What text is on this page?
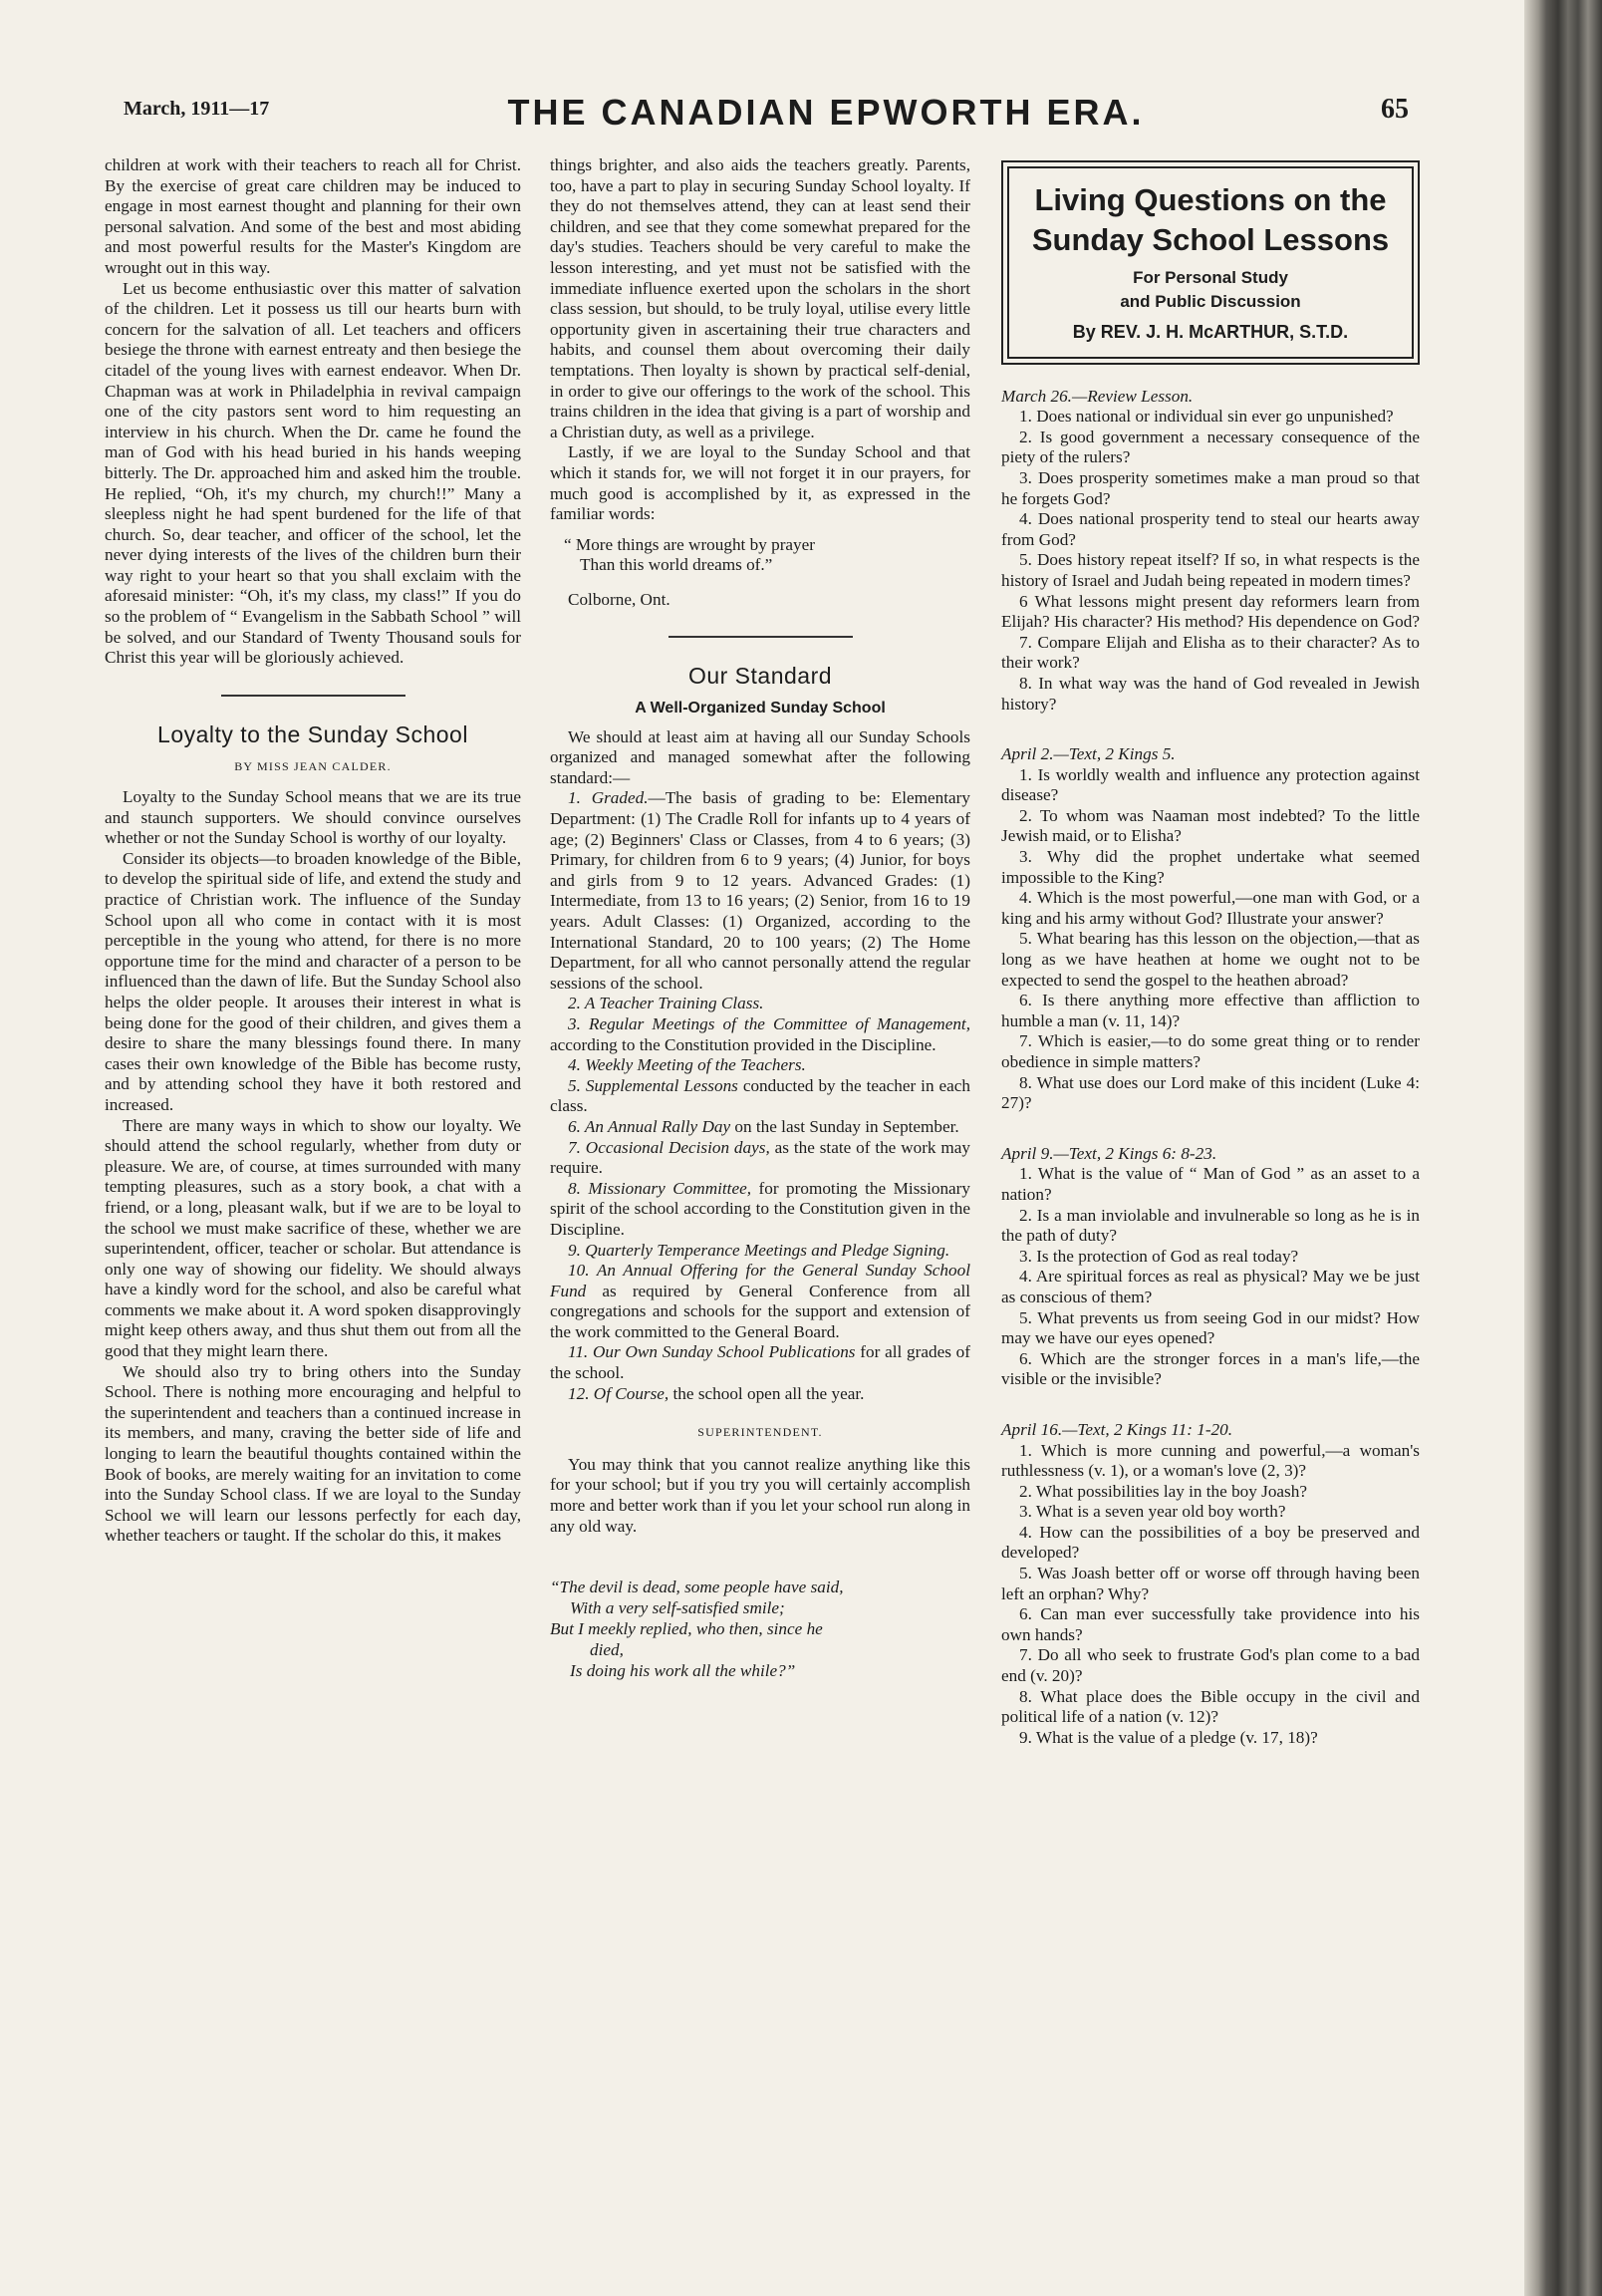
March, 1911—17	THE CANADIAN EPWORTH ERA.	65

children at work with their teachers to reach all for Christ. By the exercise of great care children may be induced to engage in most earnest thought and planning for their own personal salvation. And some of the best and most abiding and most powerful results for the Master's Kingdom are wrought out in this way.

Let us become enthusiastic over this matter of salvation of the children. Let it possess us till our hearts burn with concern for the salvation of all. Let teachers and officers besiege the throne with earnest entreaty and then besiege the citadel of the young lives with earnest endeavor. When Dr. Chapman was at work in Philadelphia in revival campaign one of the city pastors sent word to him requesting an interview in his church. When the Dr. came he found the man of God with his head buried in his hands weeping bitterly. The Dr. approached him and asked him the trouble. He replied, “Oh, it's my church, my church!!” Many a sleepless night he had spent burdened for the life of that church. So, dear teacher, and officer of the school, let the never dying interests of the lives of the children burn their way right to your heart so that you shall exclaim with the aforesaid minister: “Oh, it's my class, my class!” If you do so the problem of “ Evangelism in the Sabbath School ” will be solved, and our Standard of Twenty Thousand souls for Christ this year will be gloriously achieved.

Loyalty to the Sunday School
BY MISS JEAN CALDER.

Loyalty to the Sunday School means that we are its true and staunch supporters. We should convince ourselves whether or not the Sunday School is worthy of our loyalty.

Consider its objects—to broaden knowledge of the Bible, to develop the spiritual side of life, and extend the study and practice of Christian work. The influence of the Sunday School upon all who come in contact with it is most perceptible in the young who attend, for there is no more opportune time for the mind and character of a person to be influenced than the dawn of life. But the Sunday School also helps the older people. It arouses their interest in what is being done for the good of their children, and gives them a desire to share the many blessings found there. In many cases their own knowledge of the Bible has become rusty, and by attending school they have it both restored and increased.

There are many ways in which to show our loyalty. We should attend the school regularly, whether from duty or pleasure. We are, of course, at times surrounded with many tempting pleasures, such as a story book, a chat with a friend, or a long, pleasant walk, but if we are to be loyal to the school we must make sacrifice of these, whether we are superintendent, officer, teacher or scholar. But attendance is only one way of showing our fidelity. We should always have a kindly word for the school, and also be careful what comments we make about it. A word spoken disapprovingly might keep others away, and thus shut them out from all the good that they might learn there.

We should also try to bring others into the Sunday School. There is nothing more encouraging and helpful to the superintendent and teachers than a continued increase in its members, and many, craving the better side of life and longing to learn the beautiful thoughts contained within the Book of books, are merely waiting for an invitation to come into the Sunday School class. If we are loyal to the Sunday School we will learn our lessons perfectly for each day, whether teachers or taught. If the scholar do this, it makes

things brighter, and also aids the teachers greatly. Parents, too, have a part to play in securing Sunday School loyalty. If they do not themselves attend, they can at least send their children, and see that they come somewhat prepared for the day's studies. Teachers should be very careful to make the lesson interesting, and yet must not be satisfied with the immediate influence exerted upon the scholars in the short class session, but should, to be truly loyal, utilise every little opportunity given in ascertaining their true characters and habits, and counsel them about overcoming their daily temptations. Then loyalty is shown by practical self-denial, in order to give our offerings to the work of the school. This trains children in the idea that giving is a part of worship and a Christian duty, as well as a privilege.

Lastly, if we are loyal to the Sunday School and that which it stands for, we will not forget it in our prayers, for much good is accomplished by it, as expressed in the familiar words:

“ More things are wrought by prayer
Than this world dreams of.”

Colborne, Ont.

Our Standard
A Well-Organized Sunday School

We should at least aim at having all our Sunday Schools organized and managed somewhat after the following standard:—

1. Graded.—The basis of grading to be: Elementary Department: (1) The Cradle Roll for infants up to 4 years of age; (2) Beginners' Class or Classes, from 4 to 6 years; (3) Primary, for children from 6 to 9 years; (4) Junior, for boys and girls from 9 to 12 years. Advanced Grades: (1) Intermediate, from 13 to 16 years; (2) Senior, from 16 to 19 years. Adult Classes: (1) Organized, according to the International Standard, 20 to 100 years; (2) The Home Department, for all who cannot personally attend the regular sessions of the school.

2. A Teacher Training Class.

3. Regular Meetings of the Committee of Management, according to the Constitution provided in the Discipline.

4. Weekly Meeting of the Teachers.

5. Supplemental Lessons conducted by the teacher in each class.

6. An Annual Rally Day on the last Sunday in September.

7. Occasional Decision days, as the state of the work may require.

8. Missionary Committee, for promoting the Missionary spirit of the school according to the Constitution given in the Discipline.

9. Quarterly Temperance Meetings and Pledge Signing.

10. An Annual Offering for the General Sunday School Fund as required by General Conference from all congregations and schools for the support and extension of the work committed to the General Board.

11. Our Own Sunday School Publications for all grades of the school.

12. Of Course, the school open all the year.

SUPERINTENDENT.

You may think that you cannot realize anything like this for your school; but if you try you will certainly accomplish more and better work than if you let your school run along in any old way.

“The devil is dead, some people have said,
With a very self-satisfied smile;
But I meekly replied, who then, since he
died,
Is doing his work all the while?”
Living Questions on the
Sunday School Lessons
For Personal Study
and Public Discussion
By REV. J. H. McARTHUR, S.T.D.

March 26.—Review Lesson.

1. Does national or individual sin ever go unpunished?

2. Is good government a necessary consequence of the piety of the rulers?

3. Does prosperity sometimes make a man proud so that he forgets God?

4. Does national prosperity tend to steal our hearts away from God?

5. Does history repeat itself? If so, in what respects is the history of Israel and Judah being repeated in modern times?

6 What lessons might present day reformers learn from Elijah? His character? His method? His dependence on God?

7. Compare Elijah and Elisha as to their character? As to their work?

8. In what way was the hand of God revealed in Jewish history?

April 2.—Text, 2 Kings 5.

1. Is worldly wealth and influence any protection against disease?

2. To whom was Naaman most indebted? To the little Jewish maid, or to Elisha?

3. Why did the prophet undertake what seemed impossible to the King?

4. Which is the most powerful,—one man with God, or a king and his army without God? Illustrate your answer?

5. What bearing has this lesson on the objection,—that as long as we have heathen at home we ought not to be expected to send the gospel to the heathen abroad?

6. Is there anything more effective than affliction to humble a man (v. 11, 14)?

7. Which is easier,—to do some great thing or to render obedience in simple matters?

8. What use does our Lord make of this incident (Luke 4: 27)?

April 9.—Text, 2 Kings 6: 8-23.

1. What is the value of “ Man of God ” as an asset to a nation?

2. Is a man inviolable and invulnerable so long as he is in the path of duty?

3. Is the protection of God as real today?

4. Are spiritual forces as real as physical? May we be just as conscious of them?

5. What prevents us from seeing God in our midst? How may we have our eyes opened?

6. Which are the stronger forces in a man's life,—the visible or the invisible?

April 16.—Text, 2 Kings 11: 1-20.

1. Which is more cunning and powerful,—a woman's ruthlessness (v. 1), or a woman's love (2, 3)?

2. What possibilities lay in the boy Joash?

3. What is a seven year old boy worth?

4. How can the possibilities of a boy be preserved and developed?

5. Was Joash better off or worse off through having been left an orphan? Why?

6. Can man ever successfully take providence into his own hands?

7. Do all who seek to frustrate God's plan come to a bad end (v. 20)?

8. What place does the Bible occupy in the civil and political life of a nation (v. 12)?

9. What is the value of a pledge (v. 17, 18)?
